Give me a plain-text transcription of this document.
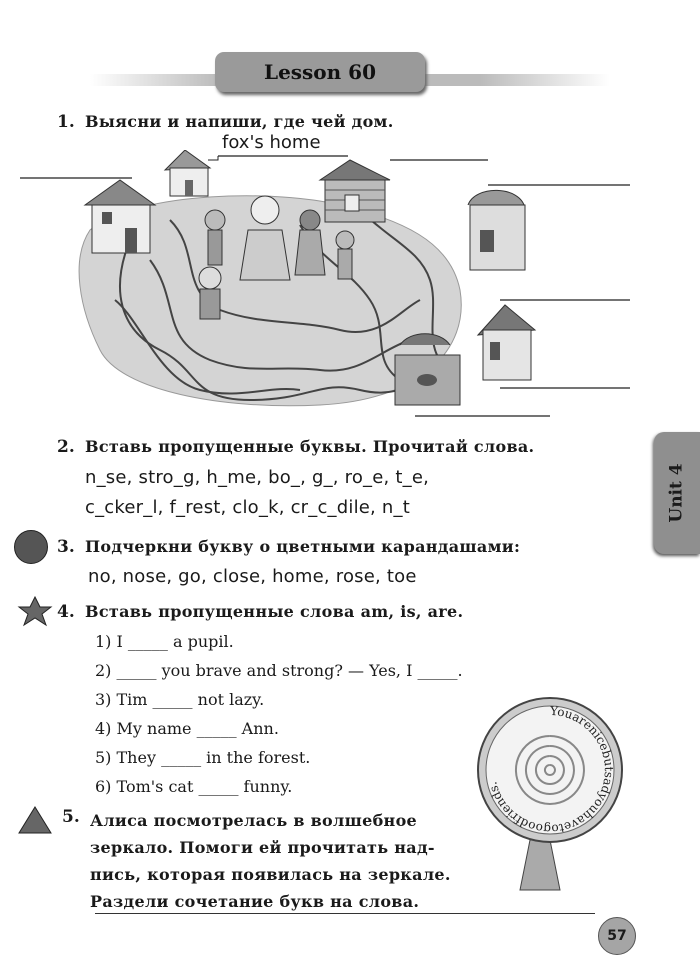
Lesson 60
1. Выясни и напиши, где чей дом.
fox's home
2. Вставь пропущенные буквы. Прочитай слова.
n_se, stro_g, h_me, bo_, g_, ro_e, t_e,
c_cker_l, f_rest, clo_k, cr_c_dile, n_t
3. Подчеркни букву о цветными карандашами:
no, nose, go, close, home, rose, toe
4. Вставь пропущенные слова am, is, are.
1) I _____ a pupil.
2) _____ you brave and strong? — Yes, I _____.
3) Tim _____ not lazy.
4) My name _____ Ann.
5) They _____ in the forest.
6) Tom's cat _____ funny.
Youarenicebutsadyouhavetogoodfriends.
Unit 4
5. Алиса посмотрелась в волшебное
зеркало. Помоги ей прочитать над-
пись, которая появилась на зеркале.
Раздели сочетание букв на слова.
57
